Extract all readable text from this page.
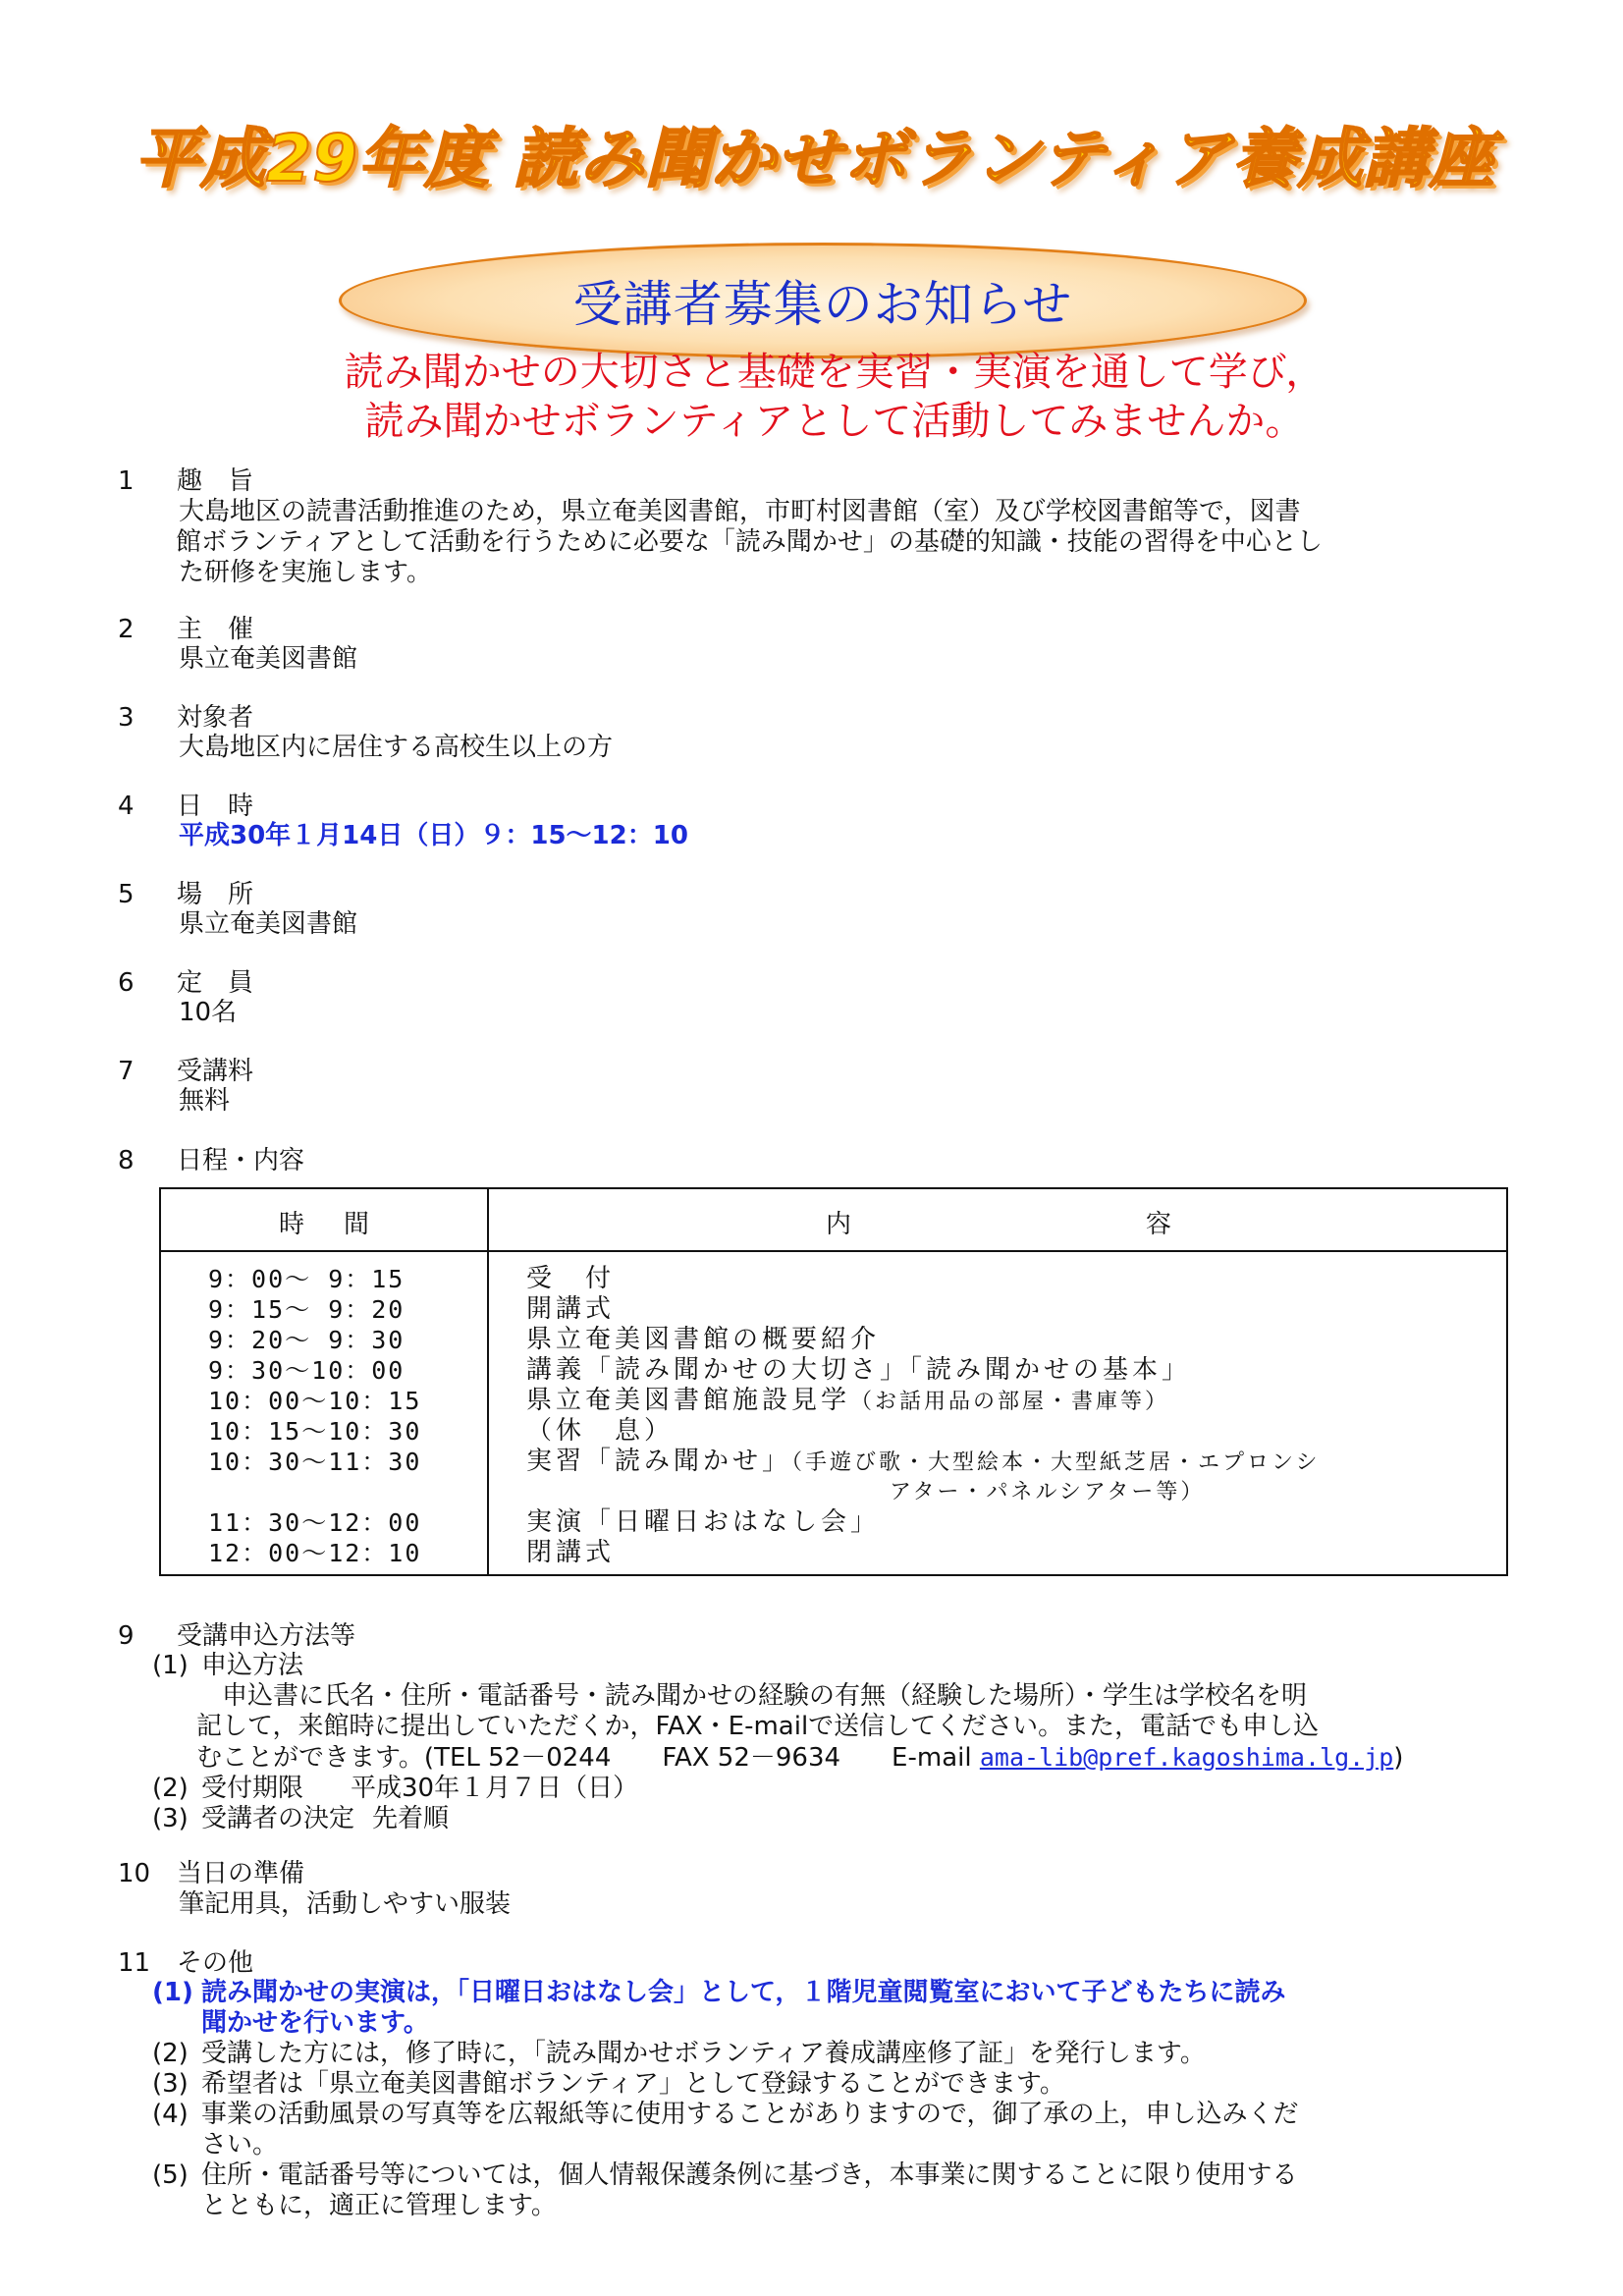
平成29年度 読み聞かせボランティア養成講座
受講者募集のお知らせ
読み聞かせの大切さと基礎を実習・実演を通して学び，
読み聞かせボランティアとして活動してみませんか。
1 趣　旨
大島地区の読書活動推進のため，県立奄美図書館，市町村図書館（室）及び学校図書館等で，図書
館ボランティアとして活動を行うために必要な「読み聞かせ」の基礎的知識・技能の習得を中心とし
た研修を実施します。
2 主　催
県立奄美図書館
3 対象者
大島地区内に居住する高校生以上の方
4 日　時
平成30年１月14日（日）９：15〜12：10
5 場　所
県立奄美図書館
6 定　員
10名
7 受講料
無料
8 日程・内容
時間	内容
9：00〜 9：15	受　付
9：15〜 9：20	開講式
9：20〜 9：30	県立奄美図書館の概要紹介
9：30〜10：00	講義「読み聞かせの大切さ」「読み聞かせの基本」
10：00〜10：15	県立奄美図書館施設見学（お話用品の部屋・書庫等）
10：15〜10：30	（休　息）
10：30〜11：30	実習「読み聞かせ」（手遊び歌・大型絵本・大型紙芝居・エプロンシ
アター・パネルシアター等）
11：30〜12：00	実演「日曜日おはなし会」
12：00〜12：10	閉講式
9 受講申込方法等
(1) 申込方法
申込書に氏名・住所・電話番号・読み聞かせの経験の有無（経験した場所）・学生は学校名を明
記して，来館時に提出していただくか，FAX・E-mailで送信してください。また，電話でも申し込
むことができます。(TEL 52－0244　　FAX 52－9634　　E-mail ama-lib@pref.kagoshima.lg.jp)
(2) 受付期限 平成30年１月７日（日）
(3) 受講者の決定 先着順
10 当日の準備
筆記用具，活動しやすい服装
11 その他
(1) 読み聞かせの実演は，「日曜日おはなし会」として，１階児童閲覧室において子どもたちに読み
聞かせを行います。
(2) 受講した方には，修了時に，「読み聞かせボランティア養成講座修了証」を発行します。
(3) 希望者は「県立奄美図書館ボランティア」として登録することができます。
(4) 事業の活動風景の写真等を広報紙等に使用することがありますので，御了承の上，申し込みくだ
さい。
(5) 住所・電話番号等については，個人情報保護条例に基づき，本事業に関することに限り使用する
とともに，適正に管理します。
